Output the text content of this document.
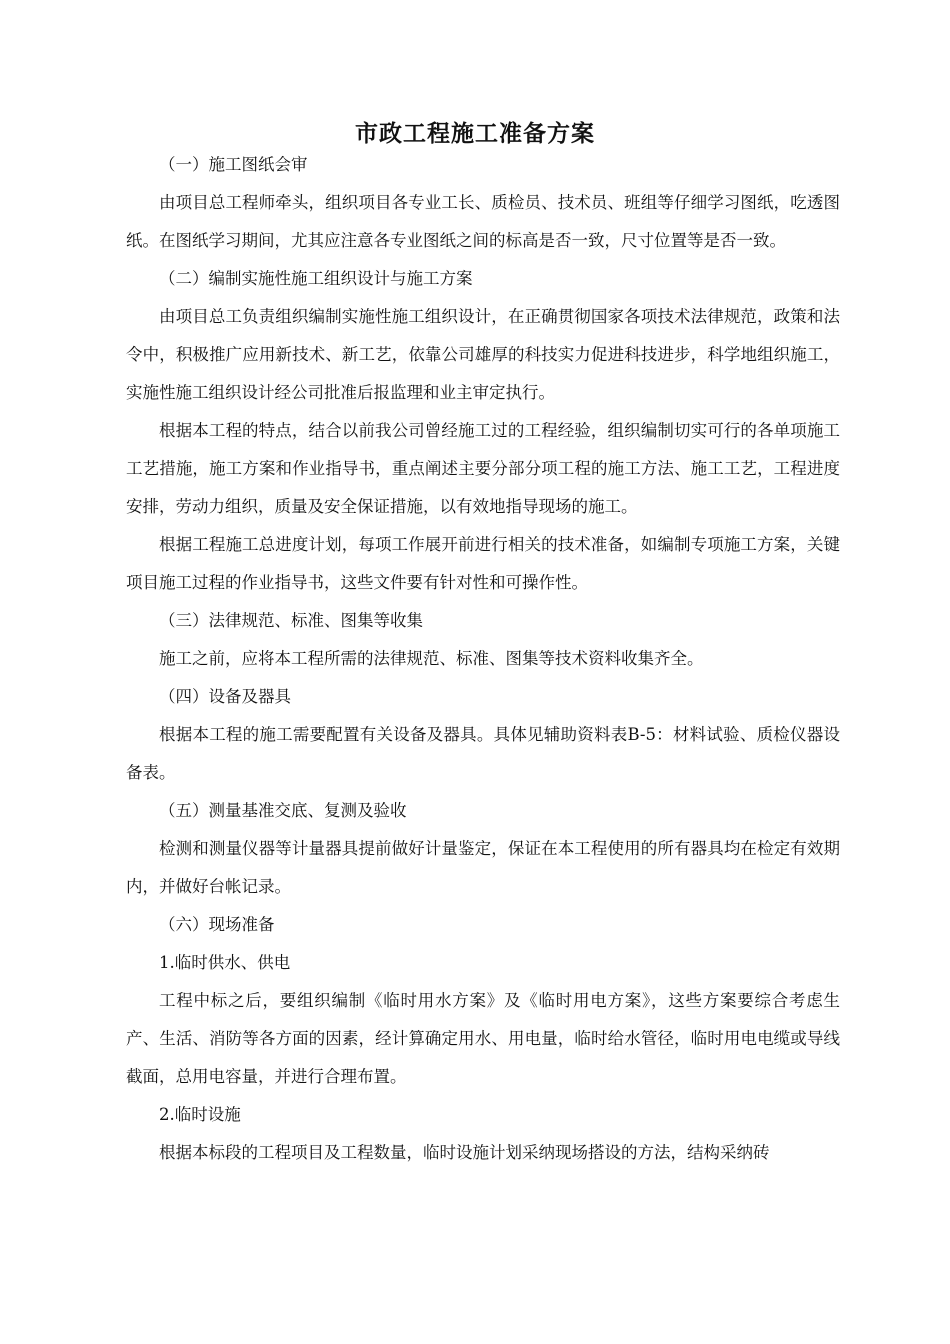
市政工程施工准备方案

（一）施工图纸会审

由项目总工程师牵头，组织项目各专业工长、质检员、技术员、班组等仔细学习图纸，吃透图纸。在图纸学习期间，尤其应注意各专业图纸之间的标高是否一致，尺寸位置等是否一致。

（二）编制实施性施工组织设计与施工方案

由项目总工负责组织编制实施性施工组织设计，在正确贯彻国家各项技术法律规范，政策和法令中，积极推广应用新技术、新工艺，依靠公司雄厚的科技实力促进科技进步，科学地组织施工，实施性施工组织设计经公司批准后报监理和业主审定执行。

根据本工程的特点，结合以前我公司曾经施工过的工程经验，组织编制切实可行的各单项施工工艺措施，施工方案和作业指导书，重点阐述主要分部分项工程的施工方法、施工工艺，工程进度安排，劳动力组织，质量及安全保证措施，以有效地指导现场的施工。

根据工程施工总进度计划，每项工作展开前进行相关的技术准备，如编制专项施工方案，关键项目施工过程的作业指导书，这些文件要有针对性和可操作性。

（三）法律规范、标准、图集等收集

施工之前，应将本工程所需的法律规范、标准、图集等技术资料收集齐全。

（四）设备及器具

根据本工程的施工需要配置有关设备及器具。具体见辅助资料表B-5：材料试验、质检仪器设备表。

（五）测量基准交底、复测及验收

检测和测量仪器等计量器具提前做好计量鉴定，保证在本工程使用的所有器具均在检定有效期内，并做好台帐记录。

（六）现场准备

1.临时供水、供电

工程中标之后，要组织编制《临时用水方案》及《临时用电方案》，这些方案要综合考虑生产、生活、消防等各方面的因素，经计算确定用水、用电量，临时给水管径，临时用电电缆或导线截面，总用电容量，并进行合理布置。

2.临时设施

根据本标段的工程项目及工程数量，临时设施计划采纳现场搭设的方法，结构采纳砖
